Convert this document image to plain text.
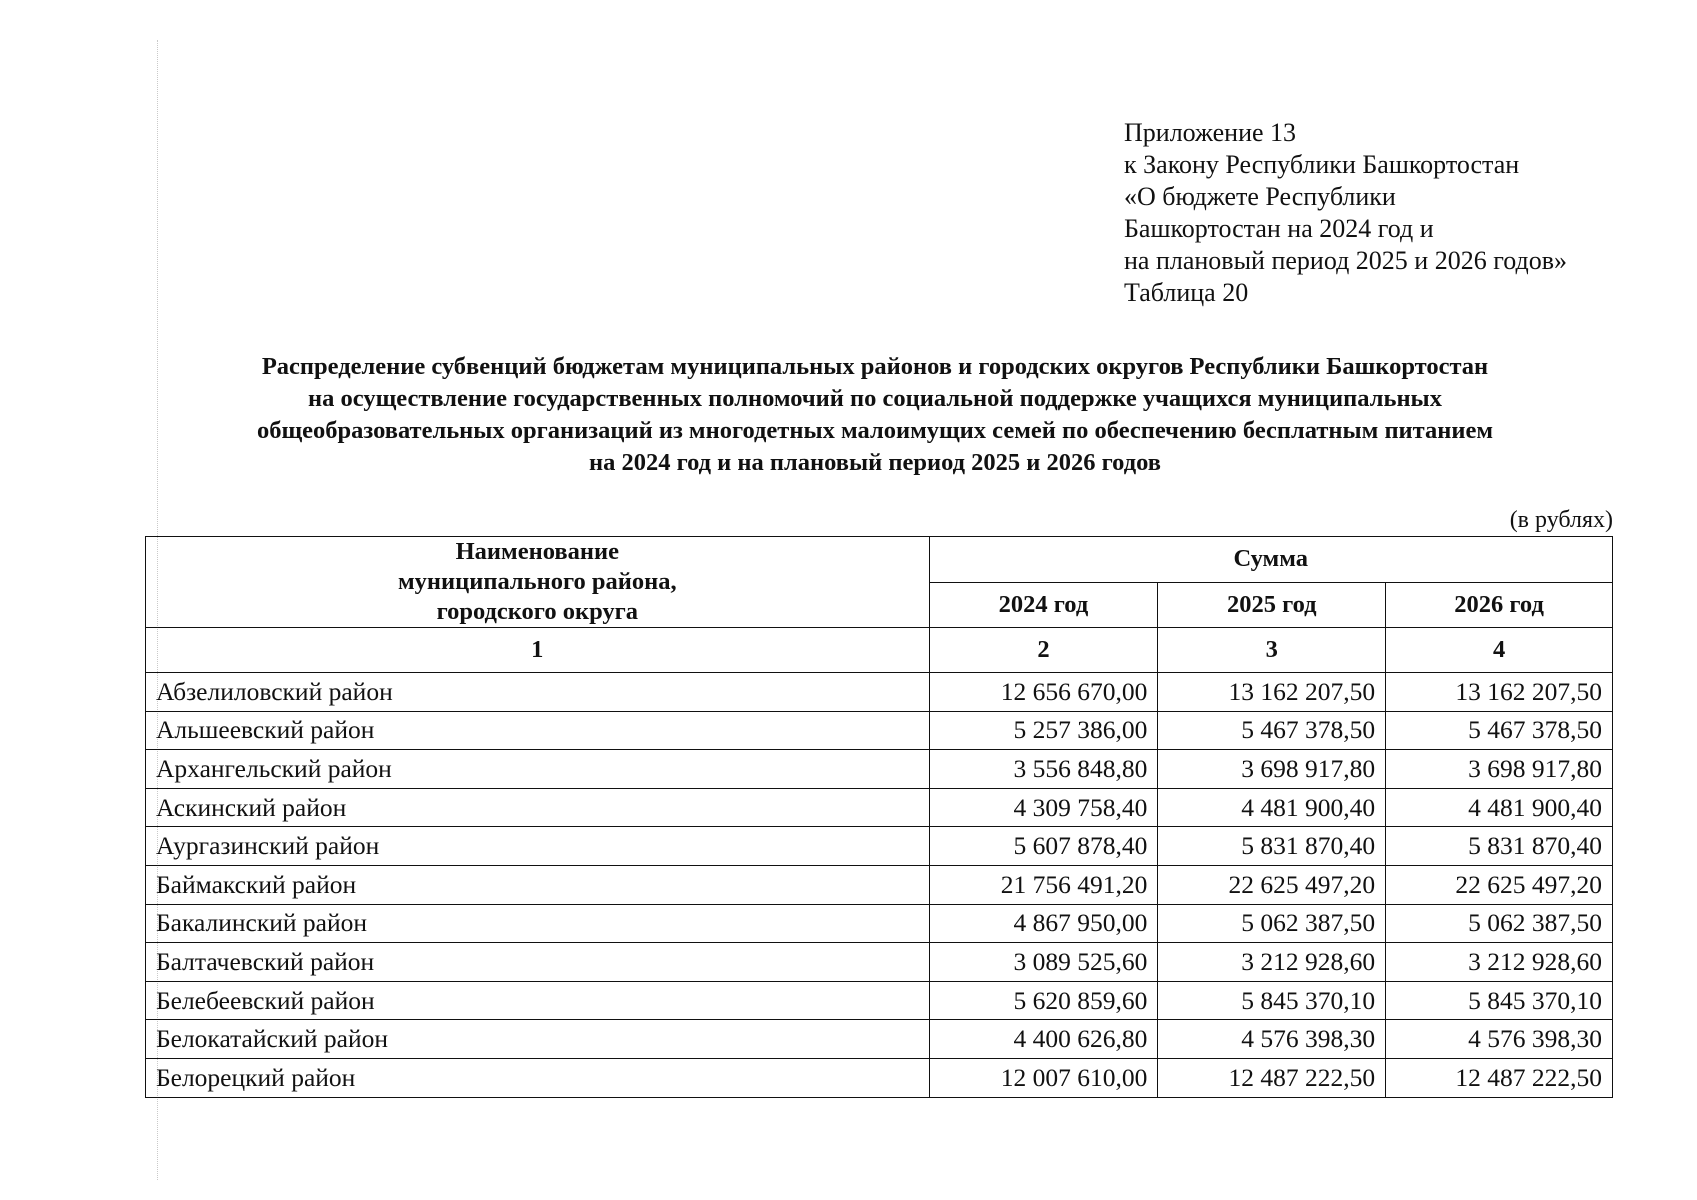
Приложение 13
к Закону Республики Башкортостан
«О бюджете Республики
Башкортостан на 2024 год и
на плановый период 2025 и 2026 годов»
Таблица 20
Распределение субвенций бюджетам муниципальных районов и городских округов Республики Башкортостан
на осуществление государственных полномочий по социальной поддержке учащихся муниципальных
общеобразовательных организаций из многодетных малоимущих семей по обеспечению бесплатным питанием
на 2024 год и на плановый период 2025 и 2026 годов
(в рублях)
Наименование муниципального района, городского округа	Сумма		
	2024 год	2025 год	2026 год
1	2	3	4
Абзелиловский район	12 656 670,00	13 162 207,50	13 162 207,50
Альшеевский район	5 257 386,00	5 467 378,50	5 467 378,50
Архангельский район	3 556 848,80	3 698 917,80	3 698 917,80
Аскинский район	4 309 758,40	4 481 900,40	4 481 900,40
Аургазинский район	5 607 878,40	5 831 870,40	5 831 870,40
Баймакский район	21 756 491,20	22 625 497,20	22 625 497,20
Бакалинский район	4 867 950,00	5 062 387,50	5 062 387,50
Балтачевский район	3 089 525,60	3 212 928,60	3 212 928,60
Белебеевский район	5 620 859,60	5 845 370,10	5 845 370,10
Белокатайский район	4 400 626,80	4 576 398,30	4 576 398,30
Белорецкий район	12 007 610,00	12 487 222,50	12 487 222,50
